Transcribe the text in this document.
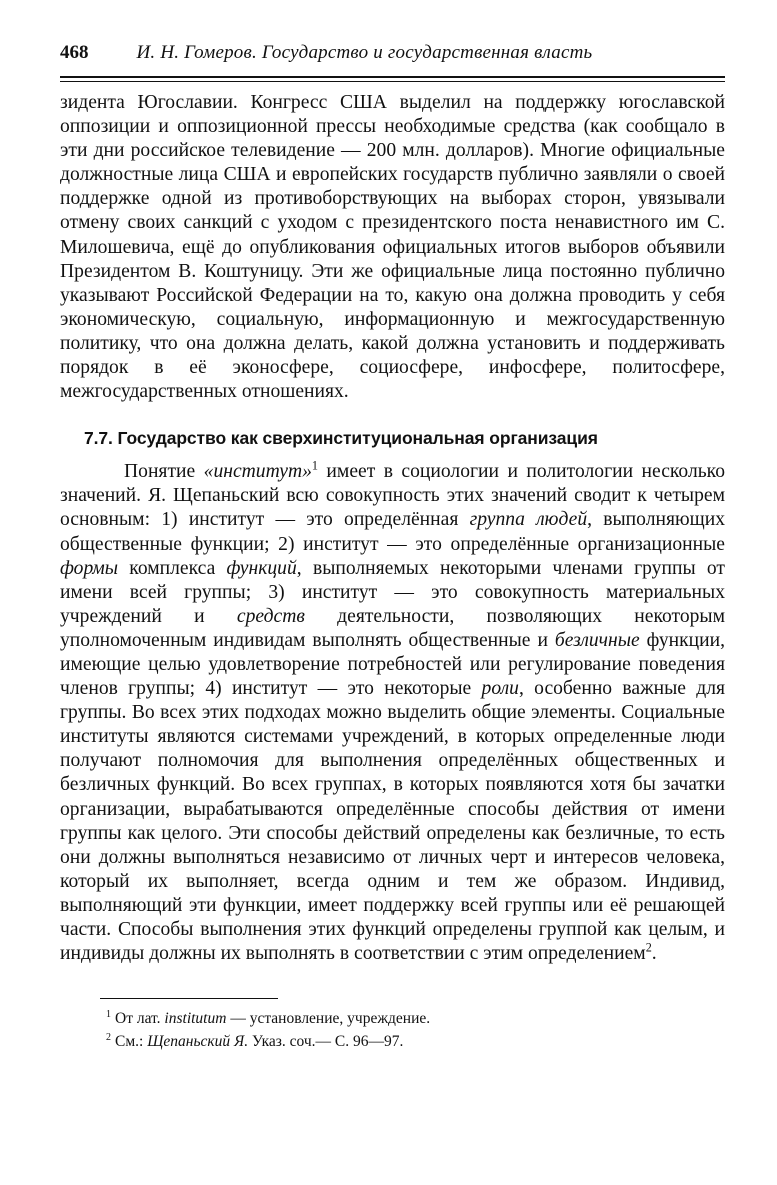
468	И. Н. Гомеров. Государство и государственная власть

зидента Югославии. Конгресс США выделил на поддержку югославской оппозиции и оппозиционной прессы необходимые средства (как сообщало в эти дни российское телевидение — 200 млн. долларов). Многие официальные должностные лица США и европейских государств публично заявляли о своей поддержке одной из противоборствующих на выборах сторон, увязывали отмену своих санкций с уходом с президентского поста ненавистного им С. Милошевича, ещё до опубликования официальных итогов выборов объявили Президентом В. Коштуницу. Эти же официальные лица постоянно публично указывают Российской Федерации на то, какую она должна проводить у себя экономическую, социальную, информационную и межгосударственную политику, что она должна делать, какой должна установить и поддерживать порядок в её эконосфере, социосфере, инфосфере, политосфере, межгосударственных отношениях.

7.7. Государство как сверхинституциональная организация

Понятие «институт»$^1$ имеет в социологии и политологии несколько значений. Я. Щепаньский всю совокупность этих значений сводит к четырем основным: 1) институт — это определённая группа людей, выполняющих общественные функции; 2) институт — это определённые организационные формы комплекса функций, выполняемых некоторыми членами группы от имени всей группы; 3) институт — это совокупность материальных учреждений и средств деятельности, позволяющих некоторым уполномоченным индивидам выполнять общественные и безличные функции, имеющие целью удовлетворение потребностей или регулирование поведения членов группы; 4) институт — это некоторые роли, особенно важные для группы. Во всех этих подходах можно выделить общие элементы. Социальные институты являются системами учреждений, в которых определенные люди получают полномочия для выполнения определённых общественных и безличных функций. Во всех группах, в которых появляются хотя бы зачатки организации, вырабатываются определённые способы действия от имени группы как целого. Эти способы действий определены как безличные, то есть они должны выполняться независимо от личных черт и интересов человека, который их выполняет, всегда одним и тем же образом. Индивид, выполняющий эти функции, имеет поддержку всей группы или её решающей части. Способы выполнения этих функций определены группой как целым, и индивиды должны их выполнять в соответствии с этим определением$^2$.

$^1$ От лат. institutum — установление, учреждение.
$^2$ См.: Щепаньский Я. Указ. соч.— С. 96—97.
